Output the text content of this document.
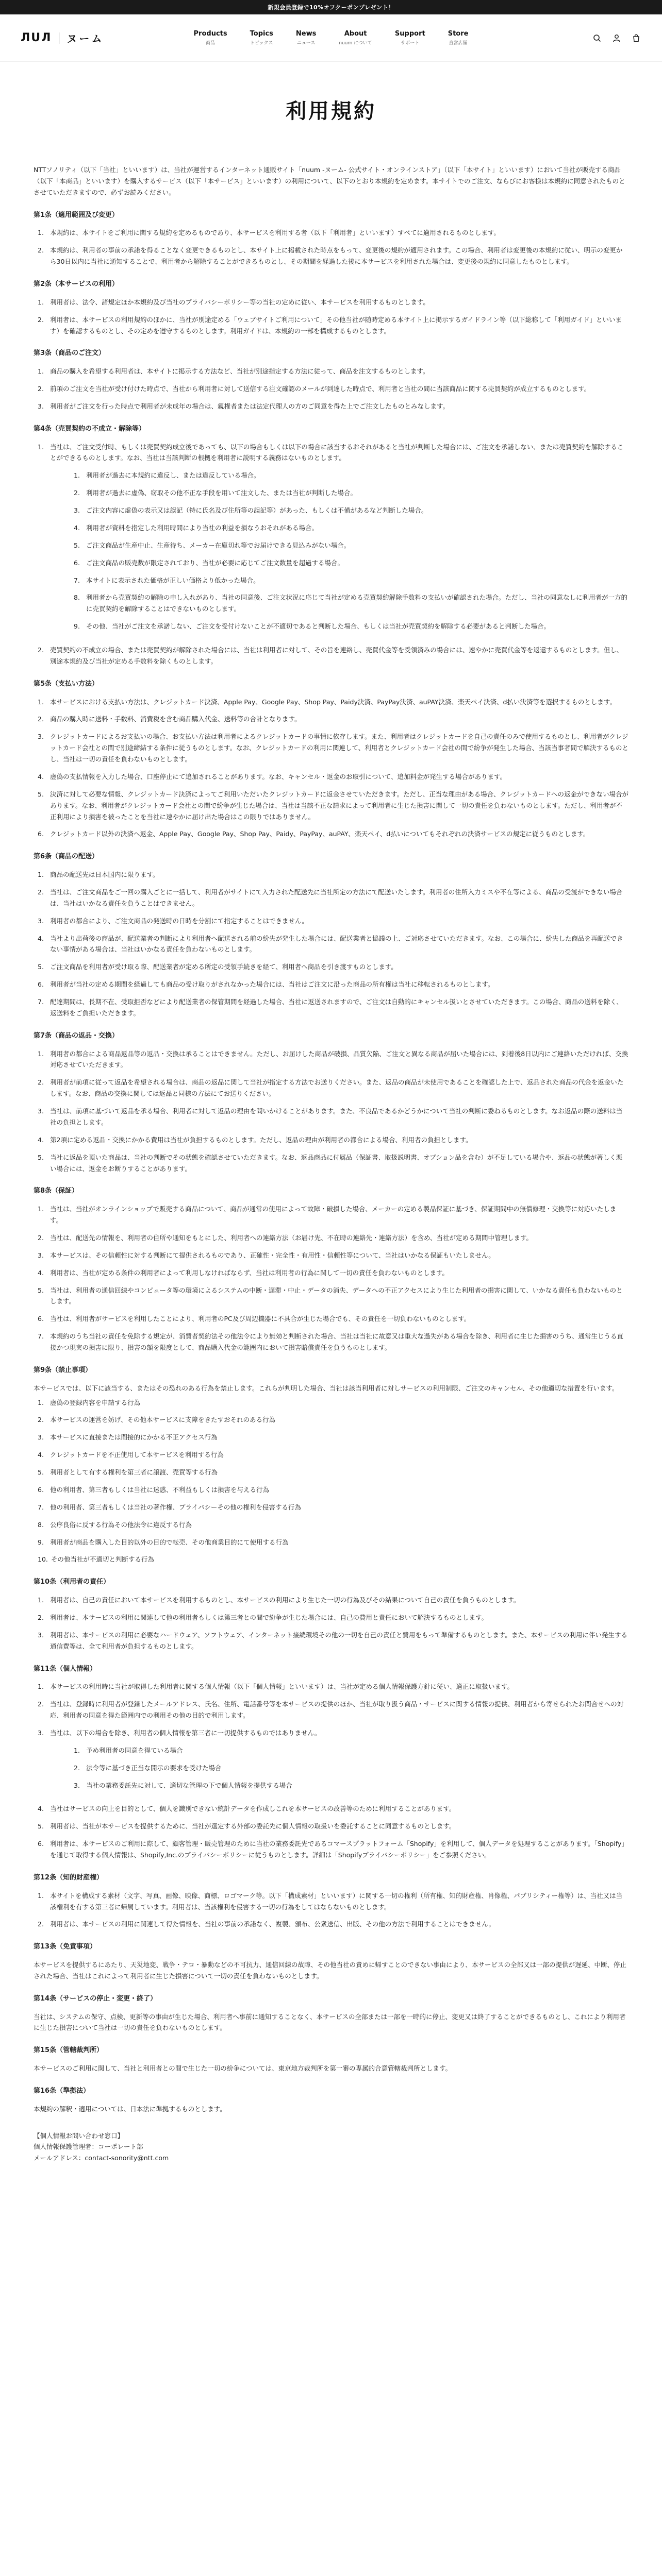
新規会員登録で10%オフクーポンプレゼント！
ЛUЛ ヌーム	Products
商品
Topics
トピックス
News
ニュース
About
nuum について
Support
サポート
Store
直営店舗
利用規約

NTTソノリティ（以下「当社」といいます）は、当社が運営するインターネット通販サイト「nuum -ヌーム- 公式サイト・オンラインストア」（以下「本サイト」といいます）において当社が販売する商品（以下「本商品」といいます）を購入するサービス（以下「本サービス」といいます）の利用について、以下のとおり本規約を定めます。本サイトでのご注文、ならびにお客様は本規約に同意されたものとさせていただきますので、必ずお読みください。

第1条（適用範囲及び変更）
1. 本規約は、本サイトをご利用に関する規約を定めるものであり、本サービスを利用する者（以下「利用者」といいます）すべてに適用されるものとします。
2. 本規約は、利用者の事前の承諾を得ることなく変更できるものとし、本サイト上に掲載された時点をもって、変更後の規約が適用されます。この場合、利用者は変更後の本規約に従い、明示の変更から30日以内に当社に通知することで、利用者から解除することができるものとし、その期間を経過した後に本サービスを利用された場合は、変更後の規約に同意したものとします。
第2条（本サービスの利用）
1. 利用者は、法令、諸規定ほか本規約及び当社のプライバシーポリシー等の当社の定めに従い、本サービスを利用するものとします。
2. 利用者は、本サービスの利用規約のほかに、当社が別途定める「ウェブサイトご利用について」その他当社が随時定める本サイト上に掲示するガイドライン等（以下総称して「利用ガイド」といいます）を確認するものとし、その定めを遵守するものとします。利用ガイドは、本規約の一部を構成するものとします。
第3条（商品のご注文）
1. 商品の購入を希望する利用者は、本サイトに掲示する方法など、当社が別途指定する方法に従って、商品を注文するものとします。
2. 前項のご注文を当社が受け付けた時点で、当社から利用者に対して送信する注文確認のメールが到達した時点で、利用者と当社の間に当該商品に関する売買契約が成立するものとします。
3. 利用者がご注文を行った時点で利用者が未成年の場合は、親権者または法定代理人の方のご同意を得た上でご注文したものとみなします。
第4条（売買契約の不成立・解除等）
1. 当社は、ご注文受付時、もしくは売買契約成立後であっても、以下の場合もしくは以下の場合に該当するおそれがあると当社が判断した場合には、ご注文を承諾しない、または売買契約を解除することができるものとします。なお、当社は当該判断の根拠を利用者に説明する義務はないものとします。
1. 利用者が過去に本規約に違反し、または違反している場合。
2. 利用者が過去に虚偽、窃取その他不正な手段を用いて注文した、または当社が判断した場合。
3. ご注文内容に虚偽の表示又は誤記（特に氏名及び住所等の誤記等）があった、もしくは不備があるなど判断した場合。
4. 利用者が資料を指定した利用時間により当社の利益を損なうおそれがある場合。
5. ご注文商品が生産中止、生産待ち、メーカー在庫切れ等でお届けできる見込みがない場合。
6. ご注文商品の販売数が限定されており、当社が必要に応じてご注文数量を超過する場合。
7. 本サイトに表示された価格が正しい価格より低かった場合。
8. 利用者から売買契約の解除の申し入れがあり、当社の同意後、ご注文状況に応じて当社が定める売買契約解除手数料の支払いが確認された場合。ただし、当社の同意なしに利用者が一方的に売買契約を解除することはできないものとします。
9. その他、当社がご注文を承諾しない、ご注文を受付けないことが不適切であると判断した場合、もしくは当社が売買契約を解除する必要があると判断した場合。
2. 売買契約の不成立の場合、または売買契約が解除された場合には、当社は利用者に対して、その旨を連絡し、売買代金等を受領済みの場合には、速やかに売買代金等を返還するものとします。但し、別途本規約及び当社が定める手数料を除くものとします。
第5条（支払い方法）
1. 本サービスにおける支払い方法は、クレジットカード決済、Apple Pay、Google Pay、Shop Pay、Paidy決済、PayPay決済、auPAY決済、楽天ペイ決済、d払い決済等を選択するものとします。
2. 商品の購入時に送料・手数料、消費税を含む商品購入代金、送料等の合計となります。
3. クレジットカードによるお支払いの場合、お支払い方法は利用者によるクレジットカードの事情に依存します。また、利用者はクレジットカードを自己の責任のみで使用するものとし、利用者がクレジットカード会社との間で別途締結する条件に従うものとします。なお、クレジットカードの利用に関連して、利用者とクレジットカード会社の間で紛争が発生した場合、当該当事者間で解決するものとし、当社は一切の責任を負わないものとします。
4. 虚偽の支払情報を入力した場合、口座停止にて追加されることがあります。なお、キャンセル・返金のお取引について、追加料金が発生する場合があります。
5. 決済に対して必要な情報、クレジットカード決済によってご利用いただいたクレジットカードに返金させていただきます。ただし、正当な理由がある場合、クレジットカードへの返金ができない場合があります。なお、利用者がクレジットカード会社との間で紛争が生じた場合は、当社は当該不正な請求によって利用者に生じた損害に関して一切の責任を負わないものとします。ただし、利用者が不正利用により損害を被ったことを当社に速やかに届け出た場合はこの限りではありません。
6. クレジットカード以外の決済へ返金、Apple Pay、Google Pay、Shop Pay、Paidy、PayPay、auPAY、楽天ペイ、d払いについてもそれぞれの決済サービスの規定に従うものとします。
第6条（商品の配送）
1. 商品の配送先は日本国内に限ります。
2. 当社は、ご注文商品をご一回の購入ごとに一括して、利用者がサイトにて入力された配送先に当社所定の方法にて配送いたします。利用者の住所入力ミスや不在等による、商品の受渡ができない場合は、当社はいかなる責任を負うことはできません。
3. 利用者の都合により、ご注文商品の発送時の日時を分割にて指定することはできません。
4. 当社より出荷後の商品が、配送業者の判断により利用者へ配送される前の紛失が発生した場合には、配送業者と協議の上、ご対応させていただきます。なお、この場合に、紛失した商品を再配送できない事情がある場合は、当社はいかなる責任を負わないものとします。
5. ご注文商品を利用者が受け取る際、配送業者が定める所定の受領手続きを経て、利用者へ商品を引き渡すものとします。
6. 利用者が当社の定める期間を経過しても商品の受け取りがされなかった場合には、当社はご注文に沿った商品の所有権は当社に移転されるものとします。
7. 配達期間は、長期不在、受取拒否などにより配送業者の保管期間を経過した場合、当社に返送されますので、ご注文は自動的にキャンセル扱いとさせていただきます。この場合、商品の送料を除く、返送料をご負担いただきます。
第7条（商品の返品・交換）
1. 利用者の都合による商品返品等の返品・交換は承ることはできません。ただし、お届けした商品が破損、品質欠陥、ご注文と異なる商品が届いた場合には、到着後8日以内にご連絡いただければ、交換対応させていただきます。
2. 利用者が前項に従って返品を希望される場合は、商品の返品に関して当社が指定する方法でお送りください。また、返品の商品が未使用であることを確認した上で、返品された商品の代金を返金いたします。なお、商品の交換に関しては返品と同様の方法にてお送りください。
3. 当社は、前項に基づいて返品を承る場合、利用者に対して返品の理由を問いかけることがあります。また、不良品であるかどうかについて当社の判断に委ねるものとします。なお返品の際の送料は当社の負担とします。
4. 第2項に定める返品・交換にかかる費用は当社が負担するものとします。ただし、返品の理由が利用者の都合による場合、利用者の負担とします。
5. 当社に返品を頂いた商品は、当社の判断でその状態を確認させていただきます。なお、返品商品に付属品（保証書、取扱説明書、オプション品を含む）が不足している場合や、返品の状態が著しく悪い場合には、返金をお断りすることがあります。
第8条（保証）
1. 当社は、当社がオンラインショップで販売する商品について、商品が通常の使用によって故障・破損した場合、メーカーの定める製品保証に基づき、保証期間中の無償修理・交換等に対応いたします。
2. 当社は、配送先の情報を、利用者の住所や通知をもとにした、利用者への連絡方法（お届け先、不在時の連絡先・連絡方法）を含め、当社が定める期間中管理します。
3. 本サービスは、その信頼性に対する判断にて提供されるものであり、正確性・完全性・有用性・信頼性等について、当社はいかなる保証もいたしません。
4. 利用者は、当社が定める条件の利用者によって利用しなければならず、当社は利用者の行為に関して一切の責任を負わないものとします。
5. 当社は、利用者の通信回線やコンピュータ等の環境によるシステムの中断・遅滞・中止・データの消失、データへの不正アクセスにより生じた利用者の損害に関して、いかなる責任も負わないものとします。
6. 当社は、利用者がサービスを利用したことにより、利用者のPC及び周辺機器に不具合が生じた場合でも、その責任を一切負わないものとします。
7. 本規約のうち当社の責任を免除する規定が、消費者契約法その他法令により無効と判断された場合、当社は当社に故意又は重大な過失がある場合を除き、利用者に生じた損害のうち、通常生じうる直接かつ現実の損害に限り、損害の額を限度として、商品購入代金の範囲内において損害賠償責任を負うものとします。
第9条（禁止事項）

本サービスでは、以下に該当する、またはその恐れのある行為を禁止します。これらが判明した場合、当社は該当利用者に対しサービスの利用制限、ご注文のキャンセル、その他適切な措置を行います。

1. 虚偽の登録内容を申請する行為
2. 本サービスの運営を妨げ、その他本サービスに支障をきたすおそれのある行為
3. 本サービスに直接または間接的にかかる不正アクセス行為
4. クレジットカードを不正使用して本サービスを利用する行為
5. 利用者として有する権利を第三者に譲渡、売買等する行為
6. 他の利用者、第三者もしくは当社に迷惑、不利益もしくは損害を与える行為
7. 他の利用者、第三者もしくは当社の著作権、プライバシーその他の権利を侵害する行為
8. 公序良俗に反する行為その他法令に違反する行為
9. 利用者が商品を購入した目的以外の目的で転売、その他商業目的にて使用する行為
10. その他当社が不適切と判断する行為
第10条（利用者の責任）
1. 利用者は、自己の責任において本サービスを利用するものとし、本サービスの利用により生じた一切の行為及びその結果について自己の責任を負うものとします。
2. 利用者は、本サービスの利用に関連して他の利用者もしくは第三者との間で紛争が生じた場合には、自己の費用と責任において解決するものとします。
3. 利用者は、本サービスの利用に必要なハードウェア、ソフトウェア、インターネット接続環境その他の一切を自己の責任と費用をもって準備するものとします。また、本サービスの利用に伴い発生する通信費等は、全て利用者が負担するものとします。
第11条（個人情報）
1. 本サービスの利用時に当社が取得した利用者に関する個人情報（以下「個人情報」といいます）は、当社が定める個人情報保護方針に従い、適正に取扱います。
2. 当社は、登録時に利用者が登録したメールアドレス、氏名、住所、電話番号等を本サービスの提供のほか、当社が取り扱う商品・サービスに関する情報の提供、利用者から寄せられたお問合せへの対応、利用者の同意を得た範囲内での利用その他の目的で利用します。
3. 当社は、以下の場合を除き、利用者の個人情報を第三者に一切提供するものではありません。
1. 予め利用者の同意を得ている場合
2. 法令等に基づき正当な開示の要求を受けた場合
3. 当社の業務委託先に対して、適切な管理の下で個人情報を提供する場合
4. 当社はサービスの向上を目的として、個人を識別できない統計データを作成しこれを本サービスの改善等のために利用することがあります。
5. 利用者は、当社が本サービスを提供するために、当社が選定する外部の委託先に個人情報の取扱いを委託することに同意するものとします。
6. 利用者は、本サービスのご利用に際して、顧客管理・販売管理のために当社の業務委託先であるコマースプラットフォーム「Shopify」を利用して、個人データを処理することがあります。「Shopify」を通じて取得する個人情報は、Shopify,Inc.のプライバシーポリシーに従うものとします。詳細は「Shopifyプライバシーポリシー」をご参照ください。
第12条（知的財産権）
1. 本サイトを構成する素材（文字、写真、画像、映像、商標、ロゴマーク等。以下「構成素材」といいます）に関する一切の権利（所有権、知的財産権、肖像権、パブリシティー権等）は、当社又は当該権利を有する第三者に帰属しています。利用者は、当該権利を侵害する一切の行為をしてはならないものとします。
2. 利用者は、本サービスの利用に関連して得た情報を、当社の事前の承諾なく、複製、頒布、公衆送信、出版、その他の方法で利用することはできません。
第13条（免責事項）

本サービスを提供するにあたり、天災地変、戦争・テロ・暴動などの不可抗力、通信回線の故障、その他当社の責めに帰すことのできない事由により、本サービスの全部又は一部の提供が遅延、中断、停止された場合、当社はこれによって利用者に生じた損害について一切の責任を負わないものとします。

第14条（サービスの停止・変更・終了）

当社は、システムの保守、点検、更新等の事由が生じた場合、利用者へ事前に通知することなく、本サービスの全部または一部を一時的に停止、変更又は終了することができるものとし、これにより利用者に生じた損害について当社は一切の責任を負わないものとします。

第15条（管轄裁判所）

本サービスのご利用に関して、当社と利用者との間で生じた一切の紛争については、東京地方裁判所を第一審の専属的合意管轄裁判所とします。

第16条（準拠法）

本規約の解釈・適用については、日本法に準拠するものとします。

【個人情報お問い合わせ窓口】

個人情報保護管理者：コーポレート部

メールアドレス：contact-sonority@ntt.com
